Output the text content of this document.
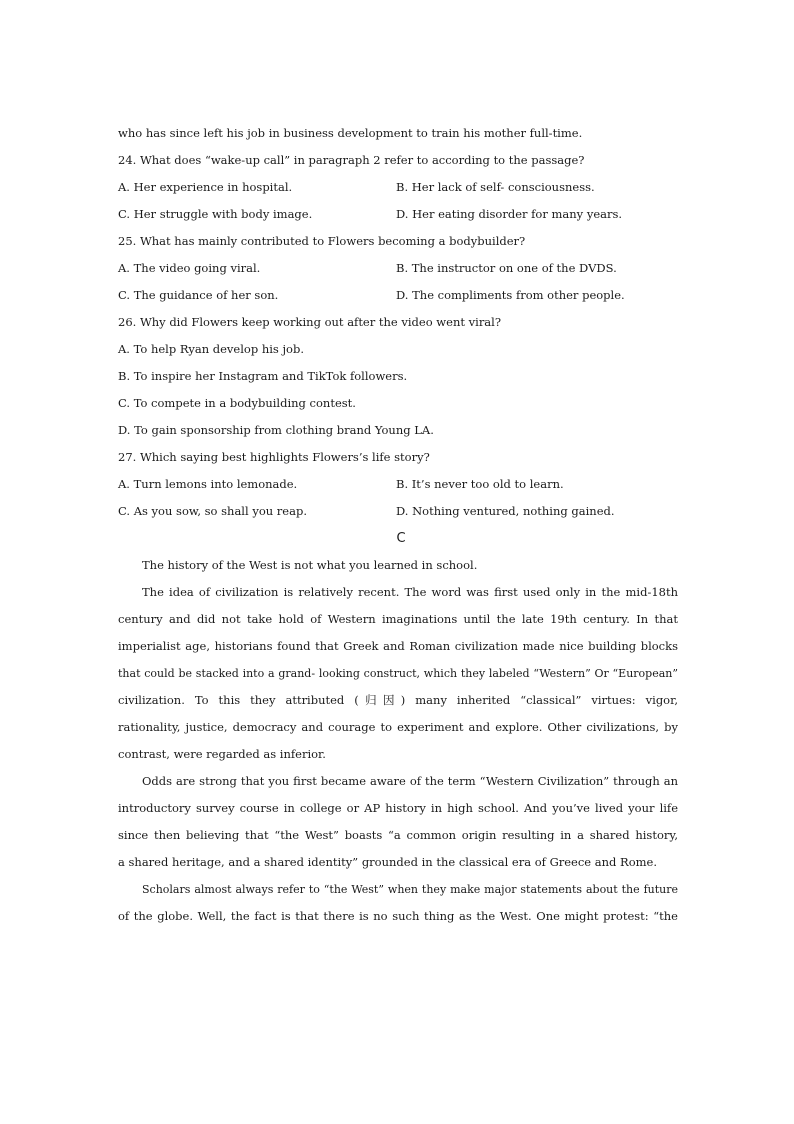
who has since left his job in business development to train his mother full-time.
24. What does “wake-up call” in paragraph 2 refer to according to the passage?
A. Her experience in hospital.	B. Her lack of self- consciousness.
C. Her struggle with body image.	D. Her eating disorder for many years.
25. What has mainly contributed to Flowers becoming a bodybuilder?
A. The video going viral.	B. The instructor on one of the DVDS.
C. The guidance of her son.	D. The compliments from other people.
26. Why did Flowers keep working out after the video went viral?
A. To help Ryan develop his job.
B. To inspire her Instagram and TikTok followers.
C. To compete in a bodybuilding contest.
D. To gain sponsorship from clothing brand Young LA.
27. Which saying best highlights Flowers’s life story?
A. Turn lemons into lemonade.	B. It’s never too old to learn.
C. As you sow, so shall you reap.	D. Nothing ventured, nothing gained.
C
The history of the West is not what you learned in school.
The idea of civilization is relatively recent. The word was first used only in the mid-18th
century and did not take hold of Western imaginations until the late 19th century. In that
imperialist age, historians found that Greek and Roman civilization made nice building blocks
that could be stacked into a grand- looking construct, which they labeled “Western” Or “European”
civilization. To this they attributed (归因) many inherited “classical” virtues: vigor,
rationality, justice, democracy and courage to experiment and explore. Other civilizations, by
contrast, were regarded as inferior.
Odds are strong that you first became aware of the term “Western Civilization” through an
introductory survey course in college or AP history in high school. And you’ve lived your life
since then believing that “the West” boasts “a common origin resulting in a shared history,
a shared heritage, and a shared identity” grounded in the classical era of Greece and Rome.
Scholars almost always refer to “the West” when they make major statements about the future
of the globe. Well, the fact is that there is no such thing as the West. One might protest: “the
